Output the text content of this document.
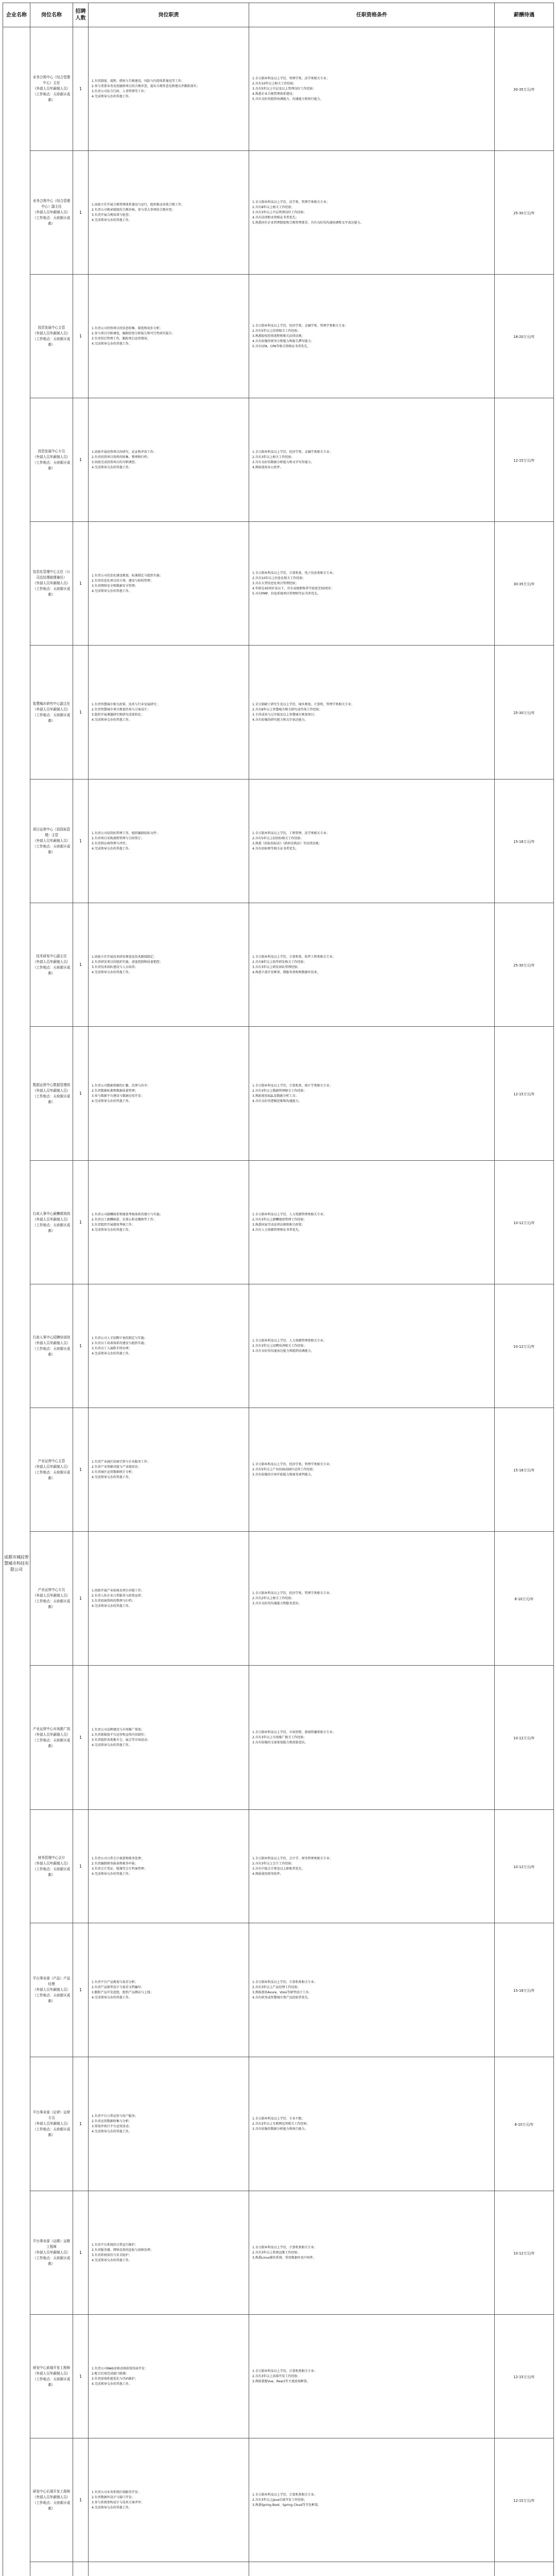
企业名称	岗位名称	招聘人数	岗位职责	任职资格条件	薪酬待遇
成都市城投智慧城市科技有限公司	业务合规中心（综合管理中心）主任
（外部人员年薪制人员）
（工作地点：天府新区成都）	1	1.负责制度、流程、授权与合规建设、风险与内控体系建设等工作；
2.参与重要业务及投融资项目的合规审查，提出合规性意见和建议并跟踪落实；
3.负责公司综合行政、人事管理等工作；
4.完成领导交办的其他工作。	1.全日制本科及以上学历，管理学类、法学类相关专业；
2.具有10年以上相关工作经验；
3.具有5年以上中层及以上管理岗位工作经验；
4.熟悉企业合规管理体系建设；
5.具有良好的组织协调能力、沟通能力和执行能力。	30-35万元/年
	业务合规中心（综合管理中心）副主任
（外部人员年薪制人员）
（工作地点：天府新区成都）	1	1.协助主任开展合规管理体系建设与运行，组织推动各类合规工作；
2.负责公司规章制度的合规审核，参与重大事项的合规审查；
3.负责开展合规培训与检查；
4.完成领导交办的其他工作。	1.全日制本科及以上学历，法学类、管理学类相关专业；
2.具有8年以上相关工作经验；
3.具有3年以上中层管理岗位工作经验；
4.具有法律职业资格证书者优先；
5.熟悉国有企业管理制度和合规管理要求，具有良好的沟通协调和文字表达能力。	25-30万元/年
	投资发展中心主管
（外部人员年薪制人员）
（工作地点：天府新区成都）	1	1.负责公司投资项目的信息收集、筛选和初步分析；
2.参与项目尽职调查，编制投资分析报告和可行性研究报告；
3.负责投后管理工作，跟踪项目运营情况；
4.完成领导交办的其他工作。	1.全日制本科及以上学历，经济学类、金融学类、管理学类相关专业；
2.具有5年以上投资相关工作经验；
3.熟悉股权投资流程和相关法律法规；
4.具有较强的财务分析能力和报告撰写能力；
5.具有CFA、CPA等相关资格证书者优先。	18-20万元/年
	投资发展中心专员
（外部人员年薪制人员）
（工作地点：天府新区成都）	1	1.协助开展投资项目的研究、论证和评估工作；
2.负责投资项目资料的收集、整理和归档；
3.协助完成投资项目的尽职调查；
4.完成领导交办的其他工作。	1.全日制本科及以上学历，经济学类、金融学类相关专业；
2.具有3年以上相关工作经验；
3.具有良好的数据分析能力和文字写作能力；
4.熟练使用办公软件。	12-15万元/年
	信息化管理中心主任（公司总经理助理兼任）
（外部人员年薪制人员）
（工作地点：天府新区成都）	1	1.负责公司信息化建设规划、标准制定与组织实施；
2.负责信息化项目的立项、建设与验收管理；
3.负责网络安全和数据安全管理；
4.完成领导交办的其他工作。	1.全日制本科及以上学历，计算机类、电子信息类相关专业；
2.具有10年以上信息化相关工作经验；
3.具有大型信息化项目管理经验；
4.年龄在45周岁及以下，具有高级职称者可放宽至50周岁；
5.具有PMP、信息系统项目管理师等证书者优先。	30-35万元/年
	智慧城市研究中心副主任
（外部人员年薪制人员）
（工作地点：天府新区成都）	1	1.负责智慧城市相关政策、技术与行业发展研究；
2.负责智慧城市项目规划咨询与方案设计；
3.组织开展课题研究和研究成果转化；
4.完成领导交办的其他工作。	1.全日制硕士研究生及以上学历，城乡规划、计算机、管理学类相关专业；
2.具有8年以上智慧城市相关研究或咨询工作经验；
3.主持或参与过市级及以上智慧城市规划项目；
4.具有较强的研究能力和文字表达能力。	25-30万元/年
	项目运营中心（招投标管理）主管
（外部人员年薪制人员）
（工作地点：天府新区成都）	1	1.负责公司招投标管理工作，组织编制招标文件；
2.负责项目采购流程管理与合同签订；
3.负责供应商管理与评价；
4.完成领导交办的其他工作。	1.全日制本科及以上学历，工程管理、法学类相关专业；
2.具有5年以上招投标相关工作经验；
3.熟悉《招标投标法》《政府采购法》等法律法规；
4.具有招标师等相关证书者优先。	15-18万元/年
	技术研发中心副主任
（外部人员年薪制人员）
（工作地点：天府新区成都）	1	1.协助主任开展技术研发规划及技术路线制定；
2.负责研发项目的组织实施、进度控制和质量把控；
3.负责技术团队建设与人员培养；
4.完成领导交办的其他工作。	1.全日制本科及以上学历，计算机类、软件工程类相关专业；
2.具有8年以上软件研发相关工作经验；
3.具有3年以上研发团队管理经验；
4.熟悉主流开发框架、微服务架构和数据库技术。	25-30万元/年
	数据运营中心数据管理岗
（外部人员年薪制人员）
（工作地点：天府新区成都）	1	1.负责公司数据资源的汇聚、治理与共享；
2.负责数据标准和数据质量管理；
3.参与数据平台建设与数据应用开发；
4.完成领导交办的其他工作。	1.全日制本科及以上学历，计算机类、统计学类相关专业；
2.具有3年以上数据管理相关工作经验；
3.熟练使用SQL及数据分析工具；
4.具有良好的逻辑思维和沟通能力。	12-15万元/年
	行政人事中心薪酬绩效岗
（外部人员年薪制人员）
（工作地点：天府新区成都）	1	1.负责公司薪酬体系和绩效考核体系的建立与实施；
2.负责员工薪酬核算、社保公积金缴纳等工作；
3.负责组织开展绩效考核工作；
4.完成领导交办的其他工作。	1.全日制本科及以上学历，人力资源管理类相关专业；
2.具有3年以上薪酬绩效管理工作经验；
3.熟悉国家劳动法律法规和相关政策；
4.具有人力资源管理师证书者优先。	10-12万元/年
	行政人事中心招聘培训岗
（外部人员年薪制人员）
（工作地点：天府新区成都）	1	1.负责公司人才招聘计划的制定与实施；
2.负责员工培训体系的建设与组织实施；
3.负责员工入离职手续办理；
4.完成领导交办的其他工作。	1.全日制本科及以上学历，人力资源管理类相关专业；
2.具有3年以上招聘培训相关工作经验；
3.具有良好的沟通表达能力和组织协调能力。	10-12万元/年
	产业运营中心主管
（外部人员年薪制人员）
（工作地点：天府新区成都）	1	1.负责产业园区招商引资与企业服务工作；
2.负责产业资源对接与产业链培育；
3.负责园区运营数据统计分析；
4.完成领导交办的其他工作。	1.全日制本科及以上学历，经济学类、管理学类相关专业；
2.具有5年以上产业招商或园区运营工作经验；
3.具有较强的市场开拓能力和商务谈判能力。	15-18万元/年
	产业运营中心专员
（外部人员年薪制人员）
（工作地点：天府新区成都）	1	1.协助开展产业招商及项目对接工作；
2.负责入驻企业日常服务与政策宣传；
3.负责招商资料的整理与归档；
4.完成领导交办的其他工作。	1.全日制本科及以上学历，经济学类、管理学类相关专业；
2.具有2年以上相关工作经验；
3.具有良好的沟通能力和服务意识。	8-10万元/年
	产业运营中心市场推广岗
（外部人员年薪制人员）
（工作地点：天府新区成都）	1	1.负责公司品牌建设与市场推广策划；
2.负责新媒体平台运营和宣传内容制作；
3.负责组织各类推介会、展会等市场活动；
4.完成领导交办的其他工作。	1.全日制本科及以上学历，市场营销、新闻传播类相关专业；
2.具有3年以上市场推广相关工作经验；
3.具有较强的文案策划能力和创新意识。	10-12万元/年
	财务管理中心会计
（外部人员年薪制人员）
（工作地点：天府新区成都）	1	1.负责公司日常会计核算和账务处理；
2.负责编制财务报表和税务申报；
3.负责会计凭证、账簿等会计档案管理；
4.完成领导交办的其他工作。	1.全日制本科及以上学历，会计学、财务管理类相关专业；
2.具有3年以上会计工作经验；
3.具有中级会计师及以上职称者优先；
4.熟练使用财务软件。	10-12万元/年
	平台事业部（产品）产品经理
（外部人员年薪制人员）
（工作地点：天府新区成都）	1	1.负责平台产品规划与需求分析；
2.负责产品原型设计与需求文档编写；
3.跟踪产品开发进度，组织产品测试与上线；
4.完成领导交办的其他工作。	1.全日制本科及以上学历，计算机类相关专业；
2.具有3年以上产品经理工作经验；
3.熟练使用Axure、Visio等原型设计工具；
4.具有政务或智慧城市类产品经验者优先。	15-18万元/年
	平台事业部（运营）运营专员
（外部人员年薪制人员）
（工作地点：天府新区成都）	1	1.负责平台日常运营与用户服务；
2.负责运营数据收集与分析；
3.策划并执行平台运营活动；
4.完成领导交办的其他工作。	1.全日制本科及以上学历，专业不限；
2.具有2年以上互联网运营相关工作经验；
3.具有较强的数据分析能力和执行能力。	8-10万元/年
	平台事业部（运维）运维工程师
（外部人员年薪制人员）
（工作地点：天府新区成都）	1	1.负责平台系统的日常运行维护；
2.负责服务器、网络设备的巡检与故障处理；
3.负责系统备份与安全防护；
4.完成领导交办的其他工作。	1.全日制本科及以上学历，计算机类相关专业；
2.具有3年以上系统运维工作经验；
3.熟悉Linux操作系统、常用数据库及中间件。	10-12万元/年
	研发中心前端开发工程师
（外部人员年薪制人员）
（工作地点：天府新区成都）	1	1.负责公司Web及移动端前端页面开发；
2.配合后端完成接口联调；
3.负责前端性能优化与代码维护；
4.完成领导交办的其他工作。	1.全日制本科及以上学历，计算机类相关专业；
2.具有3年以上前端开发工作经验；
3.熟练掌握Vue、React等主流前端框架。	12-15万元/年
	研发中心后端开发工程师
（外部人员年薪制人员）
（工作地点：天府新区成都）	1	1.负责公司业务系统后端服务开发；
2.负责数据库设计与接口开发；
3.参与系统架构设计与技术方案评审；
4.完成领导交办的其他工作。	1.全日制本科及以上学历，计算机类相关专业；
2.具有3年以上Java后端开发工作经验；
3.熟悉Spring Boot、Spring Cloud等开发框架。	12-15万元/年
